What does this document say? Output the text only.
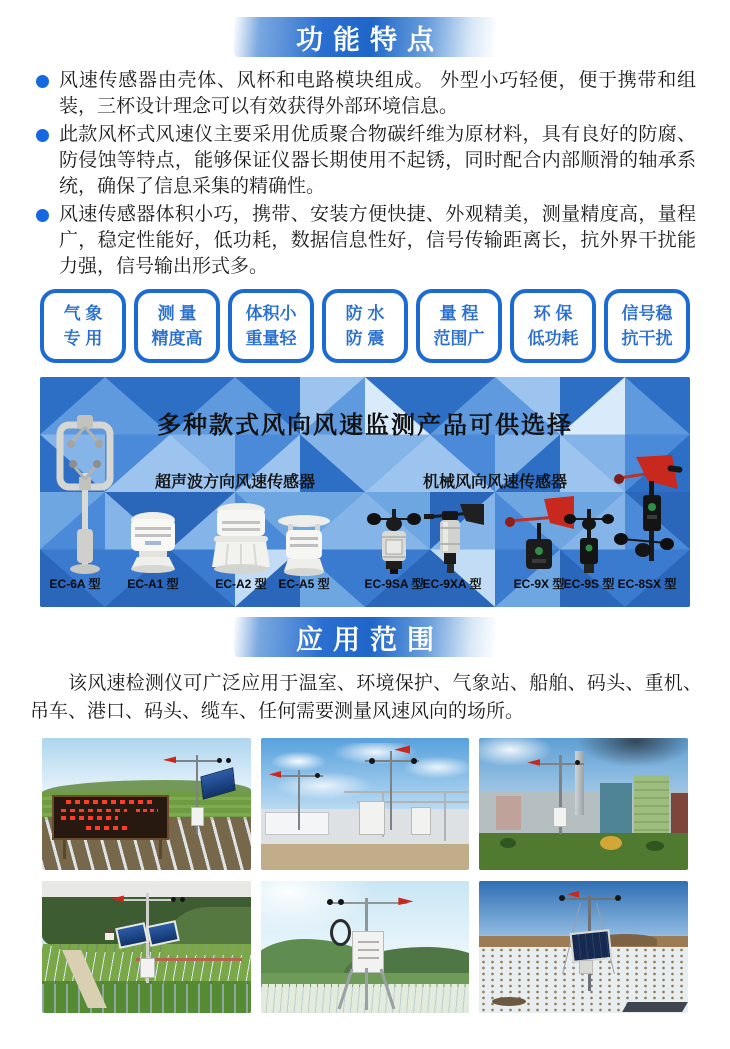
功能特点
风速传感器由壳体、风杯和电路模块组成。 外型小巧轻便，便于携带和组装，三杯设计理念可以有效获得外部环境信息。
此款风杯式风速仪主要采用优质聚合物碳纤维为原材料，具有良好的防腐、防侵蚀等特点，能够保证仪器长期使用不起锈，同时配合内部顺滑的轴承系统，确保了信息采集的精确性。
风速传感器体积小巧，携带、安装方便快捷、外观精美，测量精度高，量程广，稳定性能好，低功耗，数据信息性好，信号传输距离长，抗外界干扰能力强，信号输出形式多。
气 象
专 用
测 量
精度高
体积小
重量轻
防 水
防 震
量 程
范围广
环 保
低功耗
信号稳
抗干扰
多种款式风向风速监测产品可供选择
超声波方向风速传感器	机械风向风速传感器
EC-6A 型	EC-A1 型	EC-A2 型 EC-A5 型	EC-9SA 型 EC-9XA 型	EC-9X 型 EC-9S 型 EC-8SX 型
应用范围
该风速检测仪可广泛应用于温室、环境保护、气象站、船舶、码头、重机、吊车、港口、码头、缆车、任何需要测量风速风向的场所。
